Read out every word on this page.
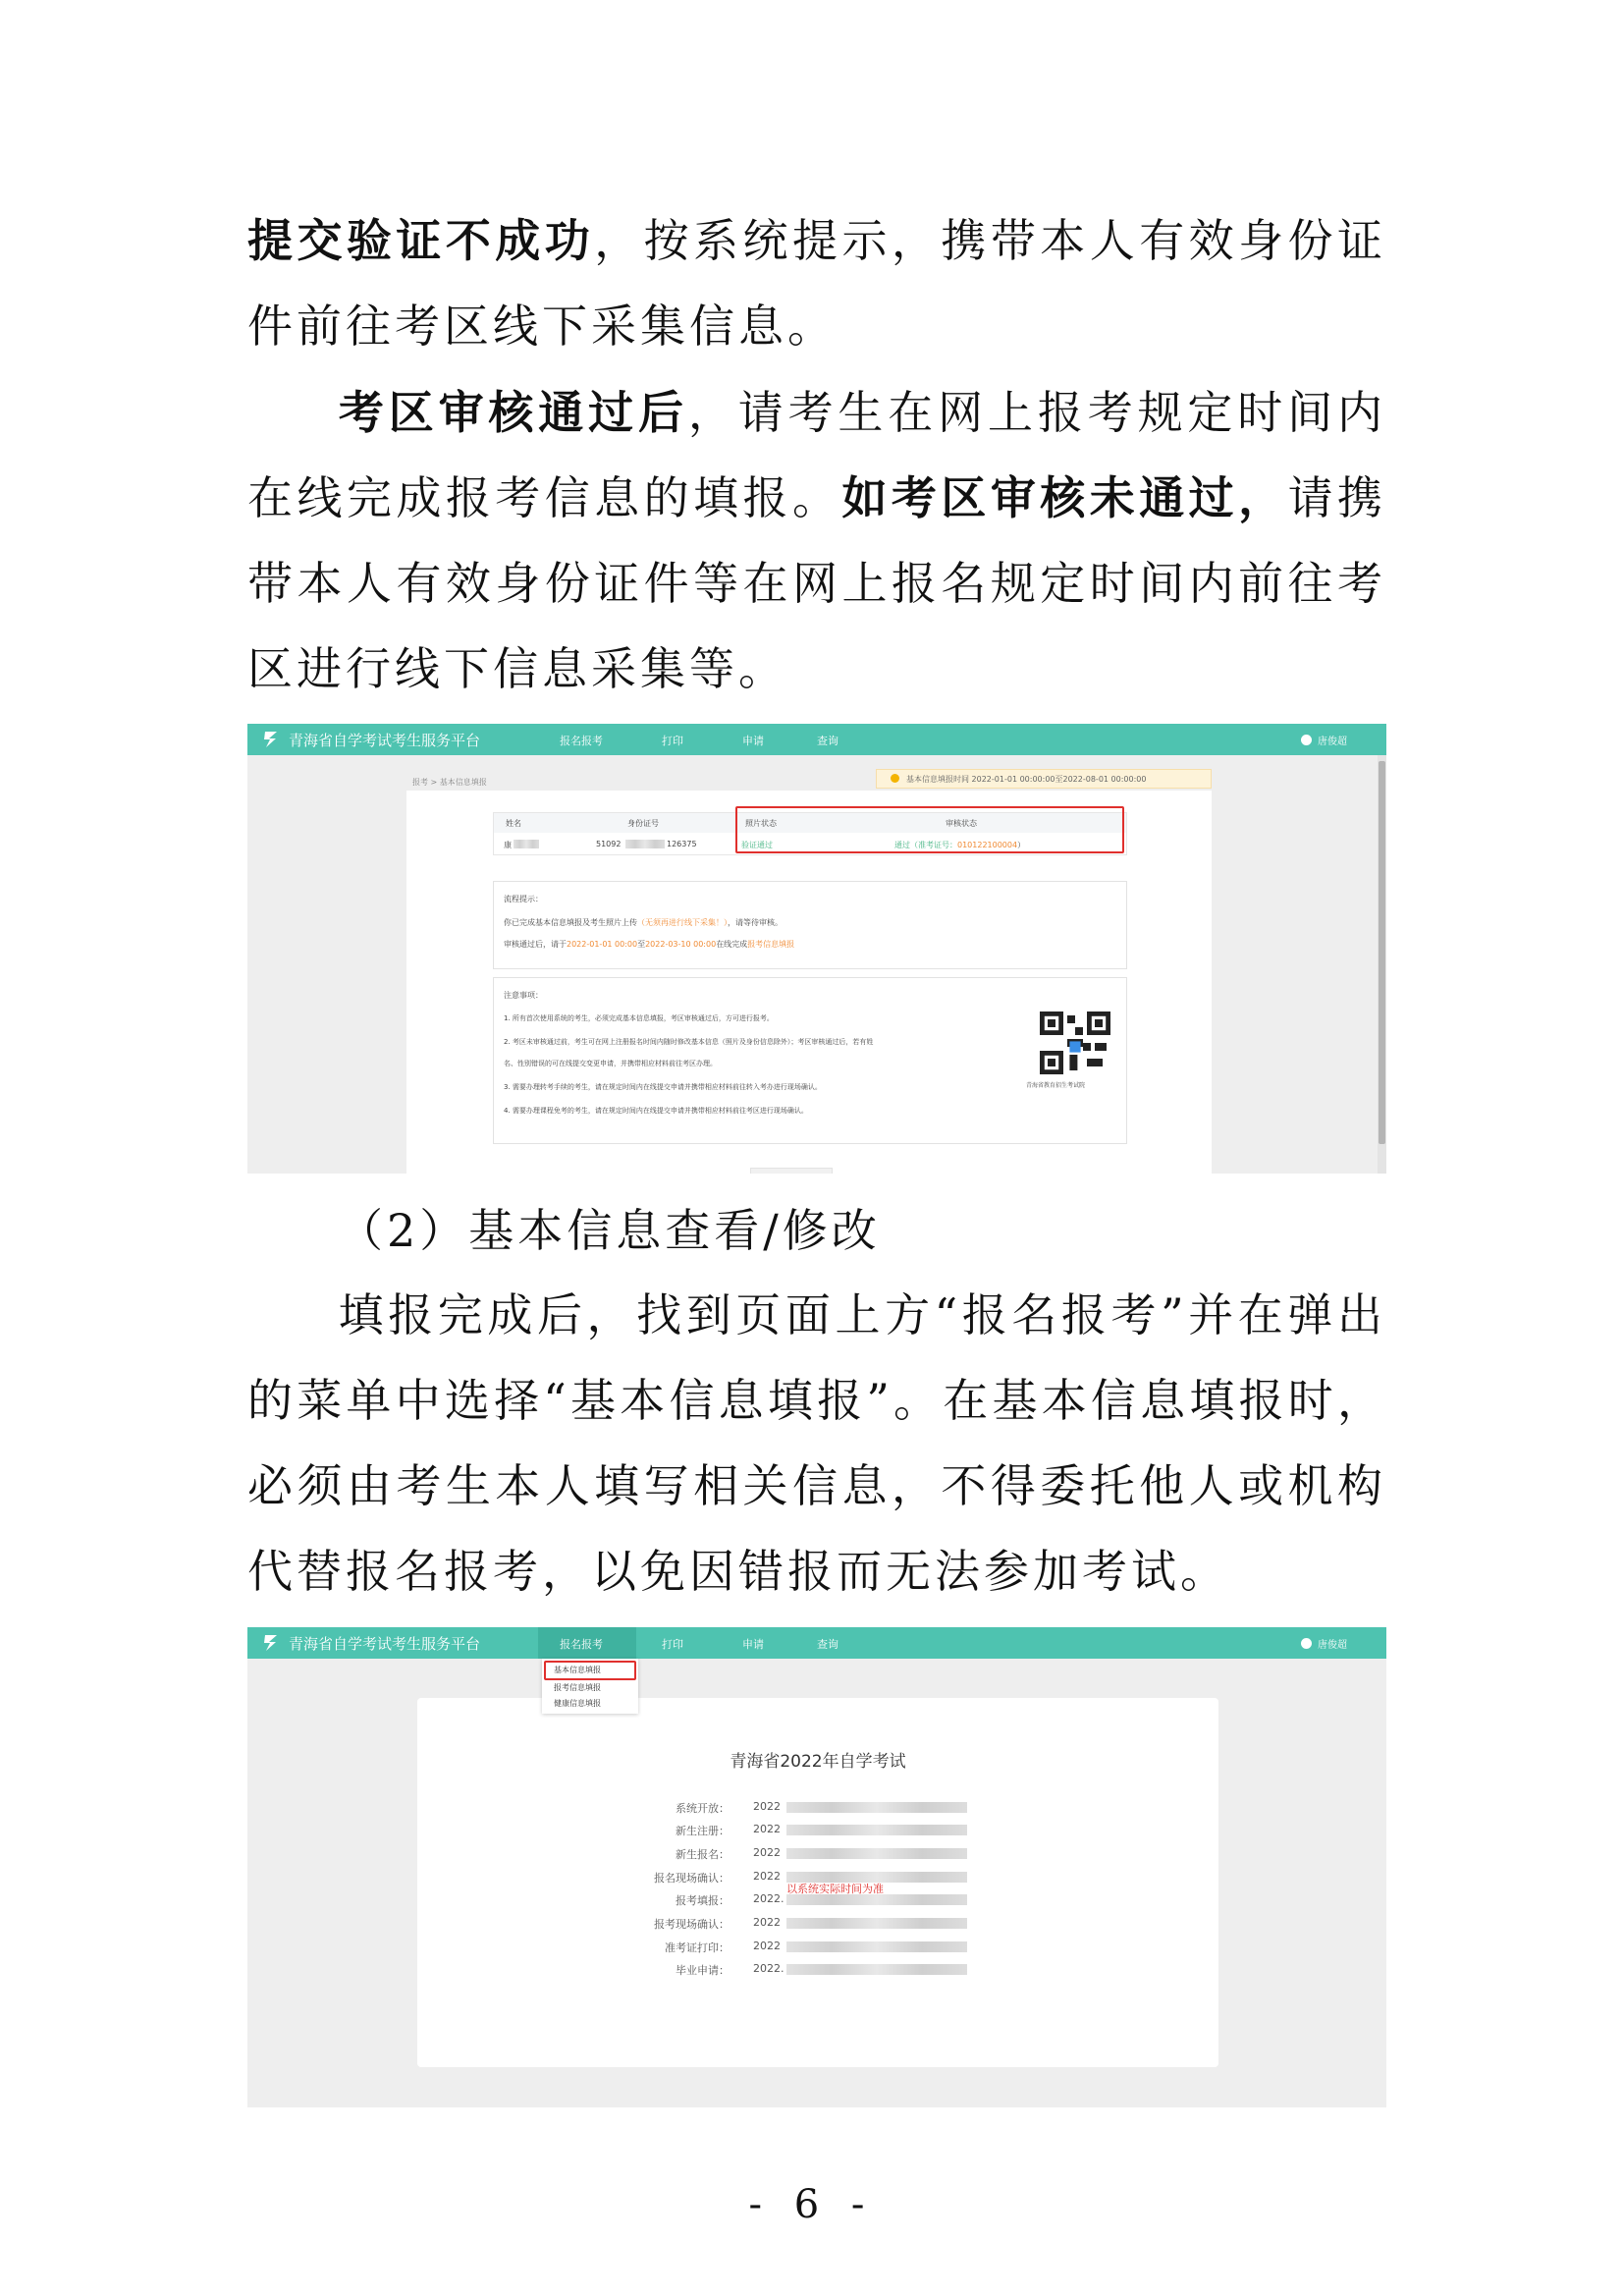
提交验证不成功，按系统提示，携带本人有效身份证件前往考区线下采集信息。

考区审核通过后，请考生在网上报考规定时间内在线完成报考信息的填报。如考区审核未通过，请携带本人有效身份证件等在网上报名规定时间内前往考区进行线下信息采集等。

青海省自学考试考生服务平台	报名报考	打印	申请	查询	唐俊超
报考 > 基本信息填报	基本信息填报时间 2022-01-01 00:00:00至2022-08-01 00:00:00
姓名	身份证号	照片状态	审核状态
康	51092	126375	验证通过	通过（准考证号：010122100004）
流程提示：
你已完成基本信息填报及考生照片上传（无须再进行线下采集！），请等待审核。
审核通过后，请于2022-01-01 00:00至2022-03-10 00:00在线完成报考信息填报
注意事项：
1. 所有首次使用系统的考生，必须完成基本信息填报，考区审核通过后，方可进行报考。
2. 考区未审核通过前，考生可在网上注册报名时间内随时修改基本信息（照片及身份信息除外）；考区审核通过后，若有姓
名、性别错误的可在线提交变更申请，并携带相应材料前往考区办理。
3. 需要办理转考手续的考生，请在规定时间内在线提交申请并携带相应材料前往转入考办进行现场确认。
4. 需要办理课程免考的考生，请在规定时间内在线提交申请并携带相应材料前往考区进行现场确认。
青海省教育招生考试院

（2）基本信息查看/修改

填报完成后，找到页面上方“报名报考”并在弹出的菜单中选择“基本信息填报”。在基本信息填报时，必须由考生本人填写相关信息，不得委托他人或机构代替报名报考，以免因错报而无法参加考试。

青海省自学考试考生服务平台	报名报考	打印	申请	查询	唐俊超
青海省2022年自学考试
系统开放： 2022
新生注册： 2022
新生报名： 2022
报名现场确认： 2022
报考填报： 2022.
报考现场确认： 2022
准考证打印： 2022
毕业申请： 2022.
以系统实际时间为准
基本信息填报
报考信息填报
健康信息填报
- 6 -
